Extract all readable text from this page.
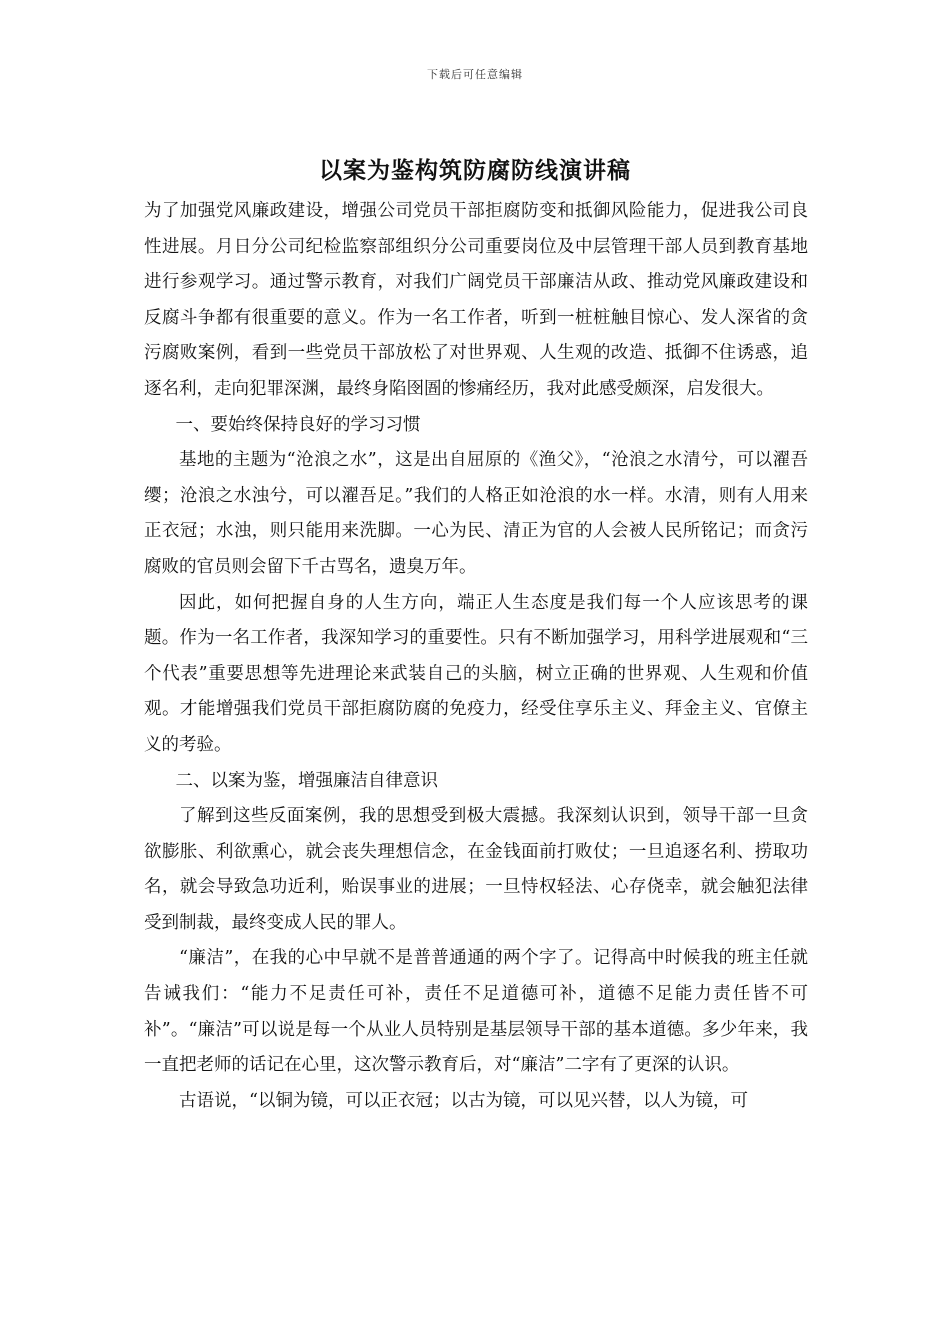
下载后可任意编辑
以案为鉴构筑防腐防线演讲稿

为了加强党风廉政建设，增强公司党员干部拒腐防变和抵御风险能力，促进我公司良性进展。月日分公司纪检监察部组织分公司重要岗位及中层管理干部人员到教育基地进行参观学习。通过警示教育，对我们广阔党员干部廉洁从政、推动党风廉政建设和反腐斗争都有很重要的意义。作为一名工作者，听到一桩桩触目惊心、发人深省的贪污腐败案例，看到一些党员干部放松了对世界观、人生观的改造、抵御不住诱惑，追逐名利，走向犯罪深渊，最终身陷囹圄的惨痛经历，我对此感受颇深，启发很大。

一、要始终保持良好的学习习惯

基地的主题为“沧浪之水”，这是出自屈原的《渔父》，“沧浪之水清兮，可以濯吾缨；沧浪之水浊兮，可以濯吾足。”我们的人格正如沧浪的水一样。水清，则有人用来正衣冠；水浊，则只能用来洗脚。一心为民、清正为官的人会被人民所铭记；而贪污腐败的官员则会留下千古骂名，遗臭万年。

因此，如何把握自身的人生方向，端正人生态度是我们每一个人应该思考的课题。作为一名工作者，我深知学习的重要性。只有不断加强学习，用科学进展观和“三个代表”重要思想等先进理论来武装自己的头脑，树立正确的世界观、人生观和价值观。才能增强我们党员干部拒腐防腐的免疫力，经受住享乐主义、拜金主义、官僚主义的考验。

二、以案为鉴，增强廉洁自律意识

了解到这些反面案例，我的思想受到极大震撼。我深刻认识到，领导干部一旦贪欲膨胀、利欲熏心，就会丧失理想信念，在金钱面前打败仗；一旦追逐名利、捞取功名，就会导致急功近利，贻误事业的进展；一旦恃权轻法、心存侥幸，就会触犯法律受到制裁，最终变成人民的罪人。

“廉洁”，在我的心中早就不是普普通通的两个字了。记得高中时候我的班主任就告诫我们：“能力不足责任可补，责任不足道德可补，道德不足能力责任皆不可补”。“廉洁”可以说是每一个从业人员特别是基层领导干部的基本道德。多少年来，我一直把老师的话记在心里，这次警示教育后，对“廉洁”二字有了更深的认识。

古语说，“以铜为镜，可以正衣冠；以古为镜，可以见兴替，以人为镜，可
